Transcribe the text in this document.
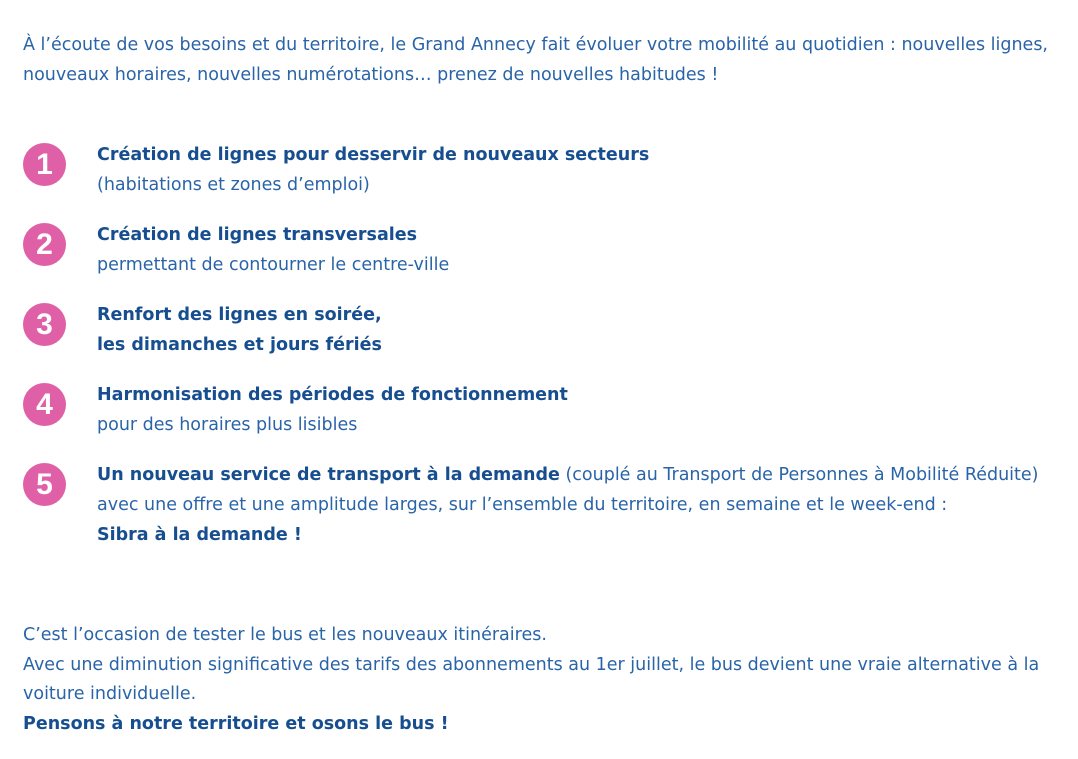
À l’écoute de vos besoins et du territoire, le Grand Annecy fait évoluer votre mobilité au quotidien : nouvelles lignes,
nouveaux horaires, nouvelles numérotations… prenez de nouvelles habitudes !
1	Création de lignes pour desservir de nouveaux secteurs
(habitations et zones d’emploi)
2	Création de lignes transversales
permettant de contourner le centre-ville
3	Renfort des lignes en soirée,
les dimanches et jours fériés
4	Harmonisation des périodes de fonctionnement
pour des horaires plus lisibles
5	Un nouveau service de transport à la demande (couplé au Transport de Personnes à Mobilité Réduite)
avec une offre et une amplitude larges, sur l’ensemble du territoire, en semaine et le week-end :
Sibra à la demande !
C’est l’occasion de tester le bus et les nouveaux itinéraires.
Avec une diminution significative des tarifs des abonnements au 1er juillet, le bus devient une vraie alternative à la
voiture individuelle.
Pensons à notre territoire et osons le bus !
